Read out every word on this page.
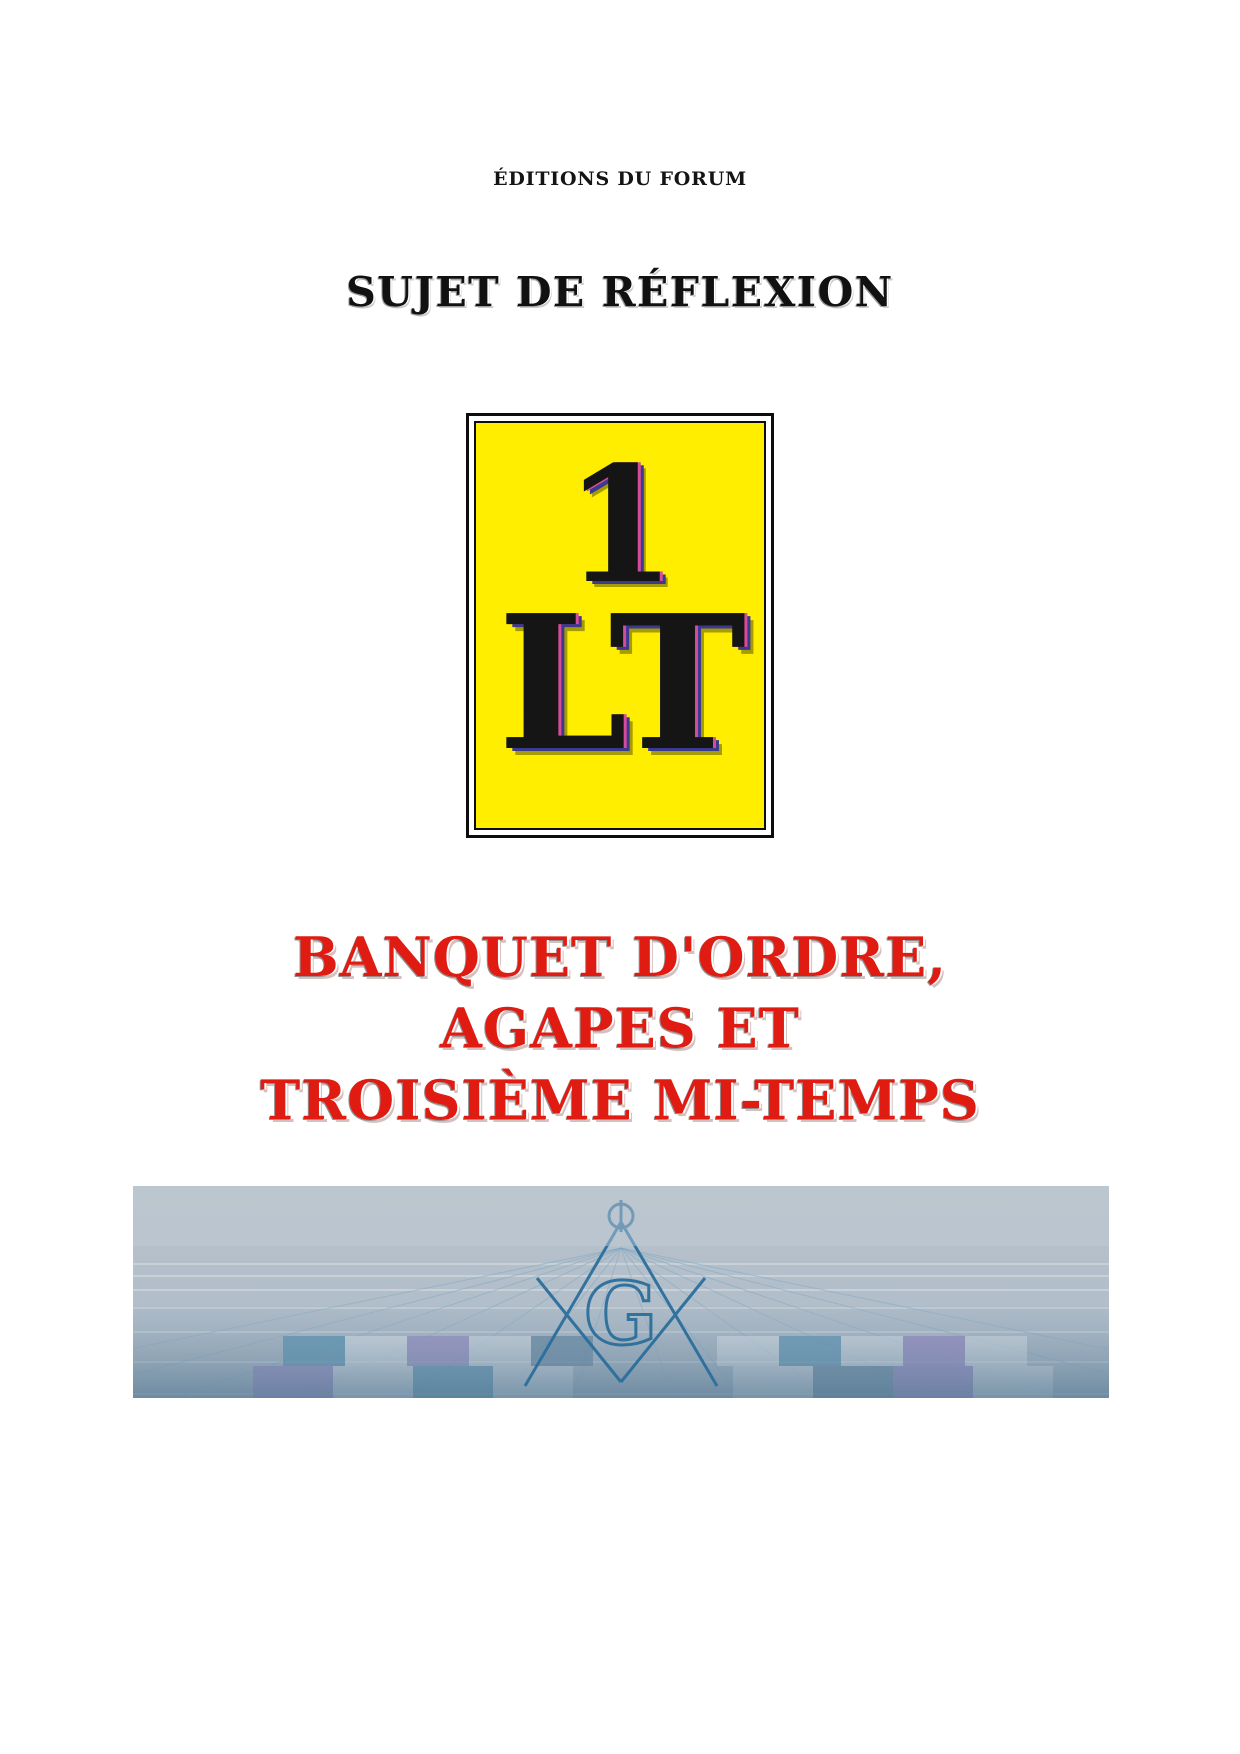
ÉDITIONS DU FORUM
SUJET DE RÉFLEXION
1
LT
BANQUET D'ORDRE,
AGAPES ET
TROISIÈME MI-TEMPS
G
